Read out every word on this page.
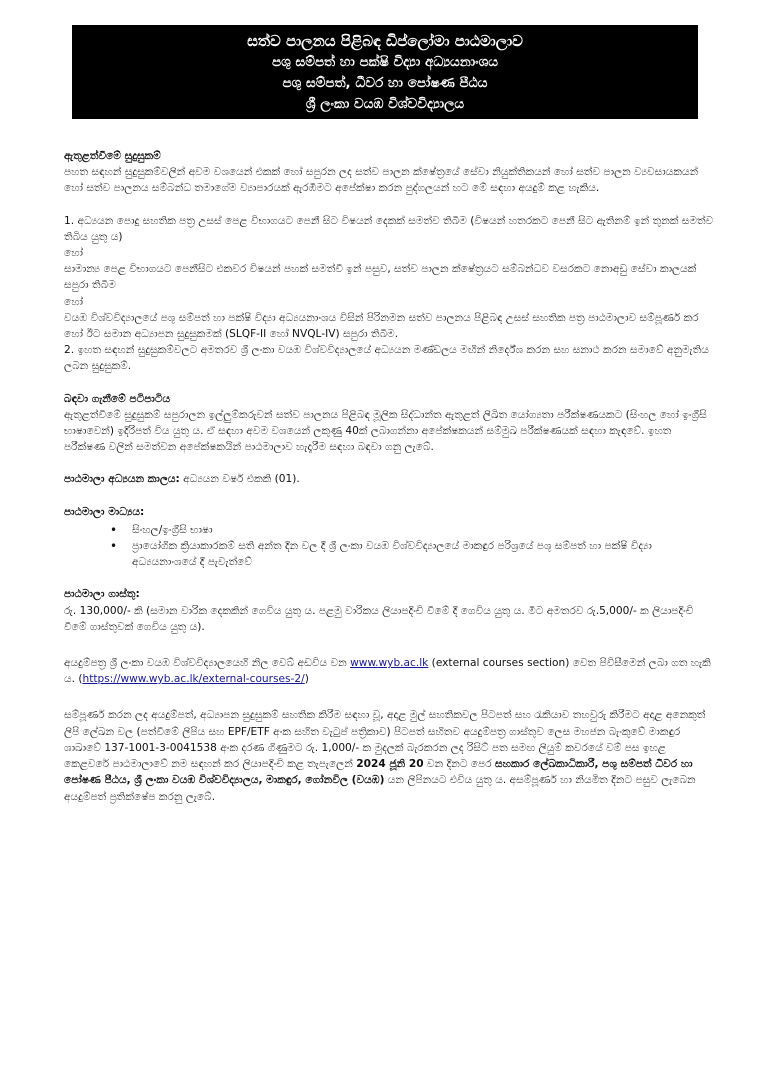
සත්ව පාලනය පිළිබඳ ඩිප්ලෝමා පාඨමාලාව
පශු සම්පත් හා පක්ෂි විද්‍යා අධ්‍යයනාංශය
පශු සම්පත්, ධීවර හා පෝෂණ පීඨය
ශ්‍රී ලංකා වයඹ විශ්වවිද්‍යාලය

ඇතුළත්වීමේ සුදුසුකම්

පහත සඳහන් සුදුසුකම්වලින් අවම වශයෙන් එකක් හෝ සපුරන ලද සත්ව පාලන ක්ෂේත්‍රයේ සේවා නියුක්තිකයන් හෝ සත්ව පාලන ව්‍යවසායකයන් හෝ සත්ව පාලනය සම්බන්ධ තමාගේම ව්‍යාපාරයක් ඇරඹීමට අපේක්ෂා කරන පුද්ගලයන් හට මේ සඳහා අයදුම් කළ හැකිය.

1. අධ්‍යයන පොදු සහතික පත්‍ර උසස් පෙළ විභාගයට පෙනී සිට විෂයන් දෙකක් සමත්ව තිබීම (විෂයන් හතරකට පෙනී සිට ඇතිනම් ඉන් තුනක් සමත්ව තිබිය යුතු ය)

හෝ

සාමාන්‍ය පෙළ විභාගයට පෙනීසිට එකවර විෂයන් පහක් සමත්වී ඉන් පසුව, සත්ව පාලන ක්ෂේත්‍රයට සම්බන්ධව වසරකට නොඅඩු සේවා කාලයක් සපුරා තිබීම

හෝ

වයඹ විශ්වවිද්‍යාලයේ පශු සම්පත් හා පක්ෂි විද්‍යා අධ්‍යයනාංශය විසින් පිරිනමන සත්ව පාලනය පිළිබඳ උසස් සහතික පත්‍ර පාඨමාලාව සම්පූර්ණ කර හෝ ඊට සමාන අධ්‍යාපන සුදුසුකමක් (SLQF-II හෝ NVQL-IV) සපුරා තිබීම.

2. ඉහත සඳහන් සුදුසුකම්වලට අමතරව ශ්‍රී ලංකා වයඹ විශ්වවිද්‍යාලයේ අධ්‍යයන මණ්ඩලය මඟින් නිර්දේශ කරන සහ සනාථ කරන සමාවේ අනුමැතිය ලබන සුදුසුකම්.

බඳවා ගැනීමේ පටිපාටිය

ඇතුළත්වීමේ සුදුසුකම් සපුරාලන ඉල්ලුම්කරුවන් සත්ව පාලනය පිළිබඳ මූලික සිද්ධාන්ත ඇතුළත් ලිඛිත යෝග්‍යතා පරීක්ෂණයකට (සිංහල හෝ ඉංග්‍රීසි භාෂාවෙන්) ඉදිරිපත් විය යුතු ය. ඒ සඳහා අවම වශයෙන් ලකුණු 40ක් ලබාගන්නා අපේක්ෂකයන් සම්මුඛ පරීක්ෂණයක් සඳහා කැඳවේ. ඉහත පරීක්ෂණ වලින් සමත්වන අපේක්ෂකයින් පාඨමාලාව හැදෑරීම සඳහා බඳවා ගනු ලැබේ.

පාඨමාලා අධ්‍යයන කාලය: අධ්‍යයන වර්ෂ එකකි (01).

පාඨමාලා මාධ්‍යය:

• සිංහල/ඉංග්‍රීසි භාෂා
• ප්‍රායෝගික ක්‍රියාකාරකම් සති අන්ත දින වල දී ශ්‍රී ලංකා වයඹ විශ්වවිද්‍යාලයේ මාකඳුර පරිශ්‍රයේ පශු සම්පත් හා පක්ෂි විද්‍යා අධ්‍යයනාංශයේ දී පැවැත්වේ

පාඨමාලා ගාස්තු:

රු. 130,000/- කි (සමාන වාරික දෙකකින් ගෙවිය යුතු ය. පළමු වාරිකය ලියාපදිංචි වීමේ දී ගෙවිය යුතු ය. මීට අමතරව රු.5,000/- ක ලියාපදිංචි වීමේ ගාස්තුවක් ගෙවිය යුතු ය).

අයදුම්පත්‍ර ශ්‍රී ලංකා වයඹ විශ්වවිද්‍යාලයෙහි නිල වෙබ් අඩවිය වන www.wyb.ac.lk (external courses section) වෙත පිවිසීමෙන් ලබා ගත හැකි ය. (https://www.wyb.ac.lk/external-courses-2/)

සම්පූර්ණ කරන ලද අයදුම්පත්, අධ්‍යාපන සුදුසුකම් සහතික කිරීම සඳහා වූ, අදාළ මුල් සහතිකවල පිටපත් සහ රැකියාව තහවුරු කිරීමට අදාළ අනෙකුත් ලිපි ලේඛන වල (පත්වීමේ ලිපිය සහ EPF/ETF අංක සහිත වැටුප් පත්‍රිකාව) පිටපත් සහිතව අයදුම්පත්‍ර ගාස්තුව ලෙස මහජන බැංකුවේ මාකඳුර ශාඛාවේ 137-1001-3-0041538 අංක දරණ ගිණුමට රු. 1,000/- ක මුදලක් බැරකරන ලද රිසිට් පත සමඟ ලියුම් කවරයේ වම් පස ඉහළ කෙළවරේ පාඨමාලාවේ නම සඳහන් කර ලියාපදිංචි කළ තැපැලෙන් 2024 ජූනි 20 වන දිනට පෙර සහකාර ලේඛකාධිකාරී, පශු සම්පත් ධීවර හා පෝෂණ පීඨය, ශ්‍රී ලංකා වයඹ විශ්වවිද්‍යාලය, මාකඳුර, ගෝනවිල (වයඹ) යන ලිපිනයට එවිය යුතු ය. අසම්පූර්ණ හා නියමිත දිනට පසුව ලැබෙන අයදුම්පත් ප්‍රතික්ෂේප කරනු ලැබේ.
